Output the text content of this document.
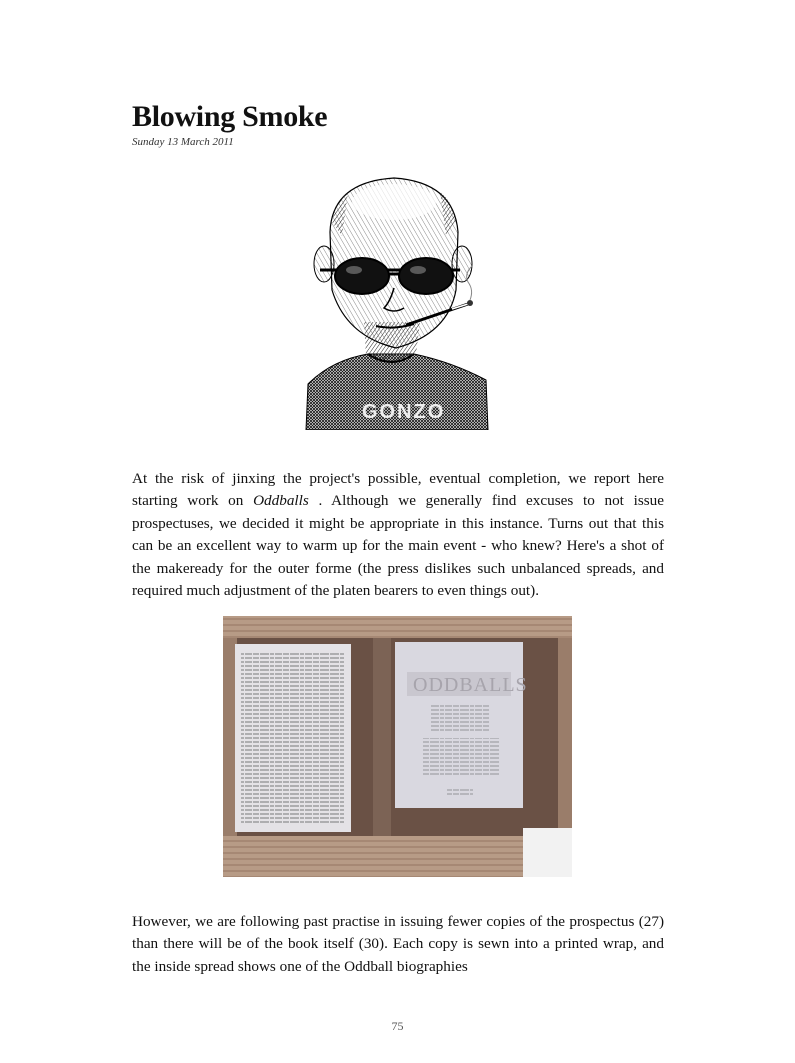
Blowing Smoke
Sunday 13 March 2011
GONZO

At the risk of jinxing the project's possible, eventual completion, we report here starting work on Oddballs . Although we generally find excuses to not issue prospectuses, we decided it might be appropriate in this instance. Turns out that this can be an excellent way to warm up for the main event - who knew? Here's a shot of the makeready for the outer forme (the press dislikes such unbalanced spreads, and required much adjustment of the platen bearers to even things out).

ODDBALLS

However, we are following past practise in issuing fewer copies of the prospectus (27) than there will be of the book itself (30). Each copy is sewn into a printed wrap, and the inside spread shows one of the Oddball biographies

75
